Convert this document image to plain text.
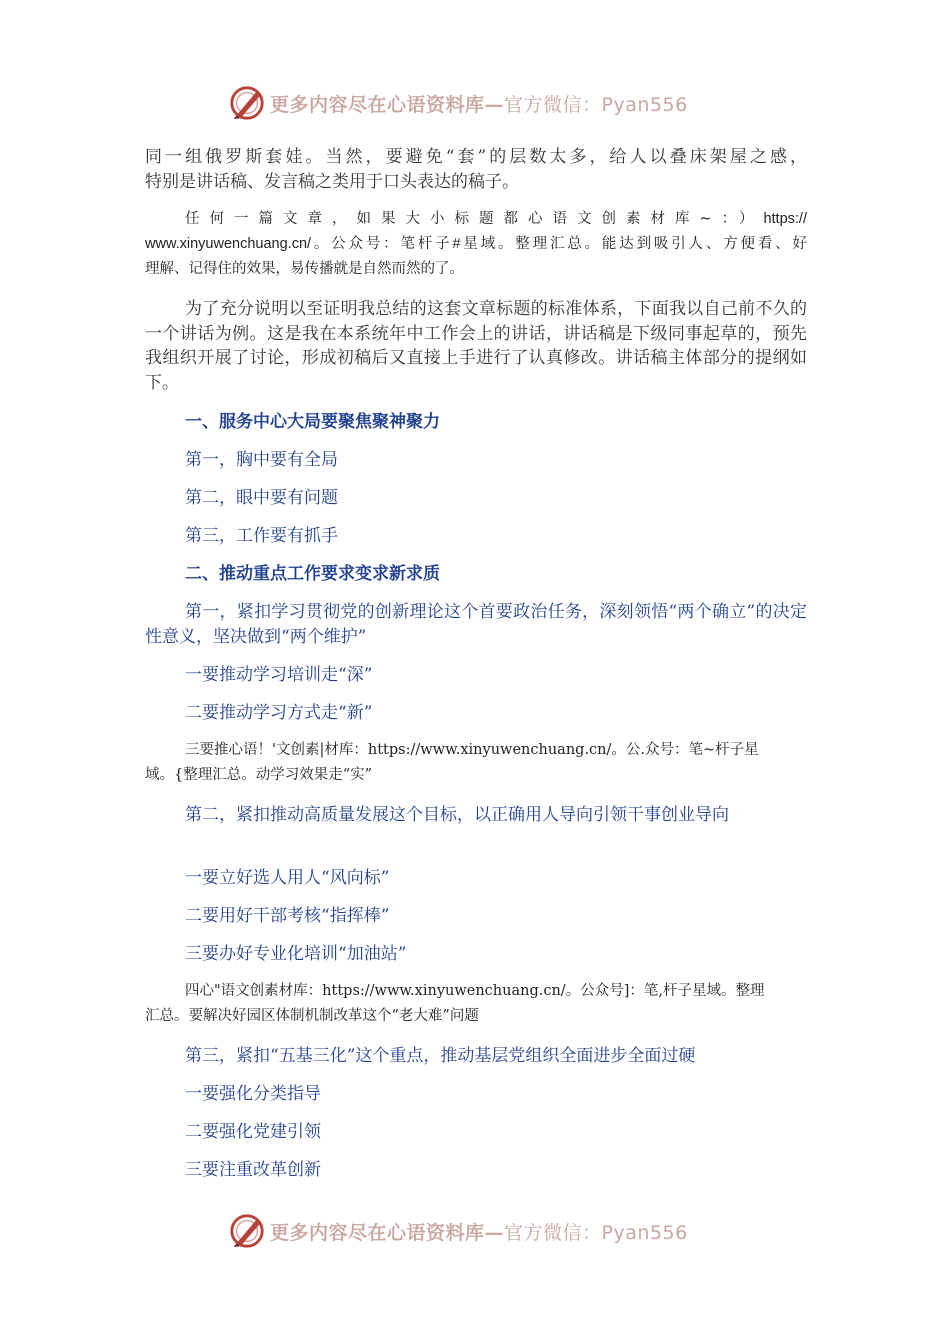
更多内容尽在心语资料库—官方微信：Pyan556

同一组俄罗斯套娃。当然，要避免“套”的层数太多，给人以叠床架屋之感，

特别是讲话稿、发言稿之类用于口头表达的稿子。

任何一篇文章，如果大小标题都心语文创素材库~：）https://

www.xinyuwenchuang.cn/。公众号：笔杆子#星域。整理汇总。能达到吸引人、方便看、好

理解、记得住的效果，易传播就是自然而然的了。

为了充分说明以至证明我总结的这套文章标题的标准体系，下面我以自己前不久的一个讲话为例。这是我在本系统年中工作会上的讲话，讲话稿是下级同事起草的，预先我组织开展了讨论，形成初稿后又直接上手进行了认真修改。讲话稿主体部分的提纲如下。

一、服务中心大局要聚焦聚神聚力

第一，胸中要有全局

第二，眼中要有问题

第三，工作要有抓手

二、推动重点工作要求变求新求质

第一，紧扣学习贯彻党的创新理论这个首要政治任务，深刻领悟“两个确立”的决定性意义，坚决做到“两个维护”

一要推动学习培训走“深”

二要推动学习方式走“新”

三要推心语！'文创素|材库：https://www.xinyuwenchuang.cn/。公.众号：笔~杆子星

域。{整理汇总。动学习效果走“实”

第二，紧扣推动高质量发展这个目标，以正确用人导向引领干事创业导向

一要立好选人用人“风向标”

二要用好干部考核“指挥棒”

三要办好专业化培训“加油站”

四心"语文创素材库：https://www.xinyuwenchuang.cn/。公众号]：笔,杆子星域。整理

汇总。要解决好园区体制机制改革这个“老大难”问题

第三，紧扣“五基三化”这个重点，推动基层党组织全面进步全面过硬

一要强化分类指导

二要强化党建引领

三要注重改革创新

更多内容尽在心语资料库—官方微信：Pyan556
